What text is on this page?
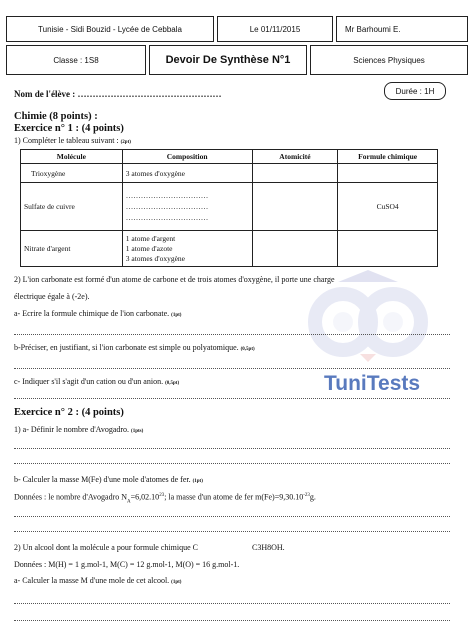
Tunisie - Sidi Bouzid - Lycée de Cebbala	Le 01/11/2015	Mr Barhoumi E.
Classe : 1S8	Devoir De Synthèse N°1	Sciences Physiques
Nom de l'élève : …………………………………………	Durée : 1H
Chimie (8 points) :
Exercice n° 1 : (4 points)
1) Compléter le tableau suivant : (2pt)
Molécule	Composition	Atomicité	Formule chimique
Trioxygène	3 atomes d'oxygène		

Sulfate de cuivre	……………………………
……………………………
……………………………		CuSO4
Nitrate d'argent	1 atome d'argent
1 atome d'azote
3 atomes d'oxygène		

TuniTests
2) L'ion carbonate est formé d'un atome de carbone et de trois atomes d'oxygène, il porte une charge
électrique égale à (-2e).
a- Ecrire la formule chimique de l'ion carbonate. (1pt)
b-Préciser, en justifiant, si l'ion carbonate est simple ou polyatomique. (0,5pt)
c- Indiquer s'il s'agit d'un cation ou d'un anion. (0,5pt)
Exercice n° 2 : (4 points)
1) a- Définir le nombre d'Avogadro. (1pts)
b- Calculer la masse M(Fe) d'une mole d'atomes de fer. (1pt)
Données : le nombre d'Avogadro $N_A=6,02.10^{23}$; la masse d'un atome de fer $m(Fe)=9,30.10^{-23}g$.
2) Un alcool dont la molécule a pour formule chimique C	C3H8OH.
Données : M(H) = 1 g.mol-1, M(C) = 12 g.mol-1, M(O) = 16 g.mol-1.
a- Calculer la masse M d'une mole de cet alcool. (1pt)
